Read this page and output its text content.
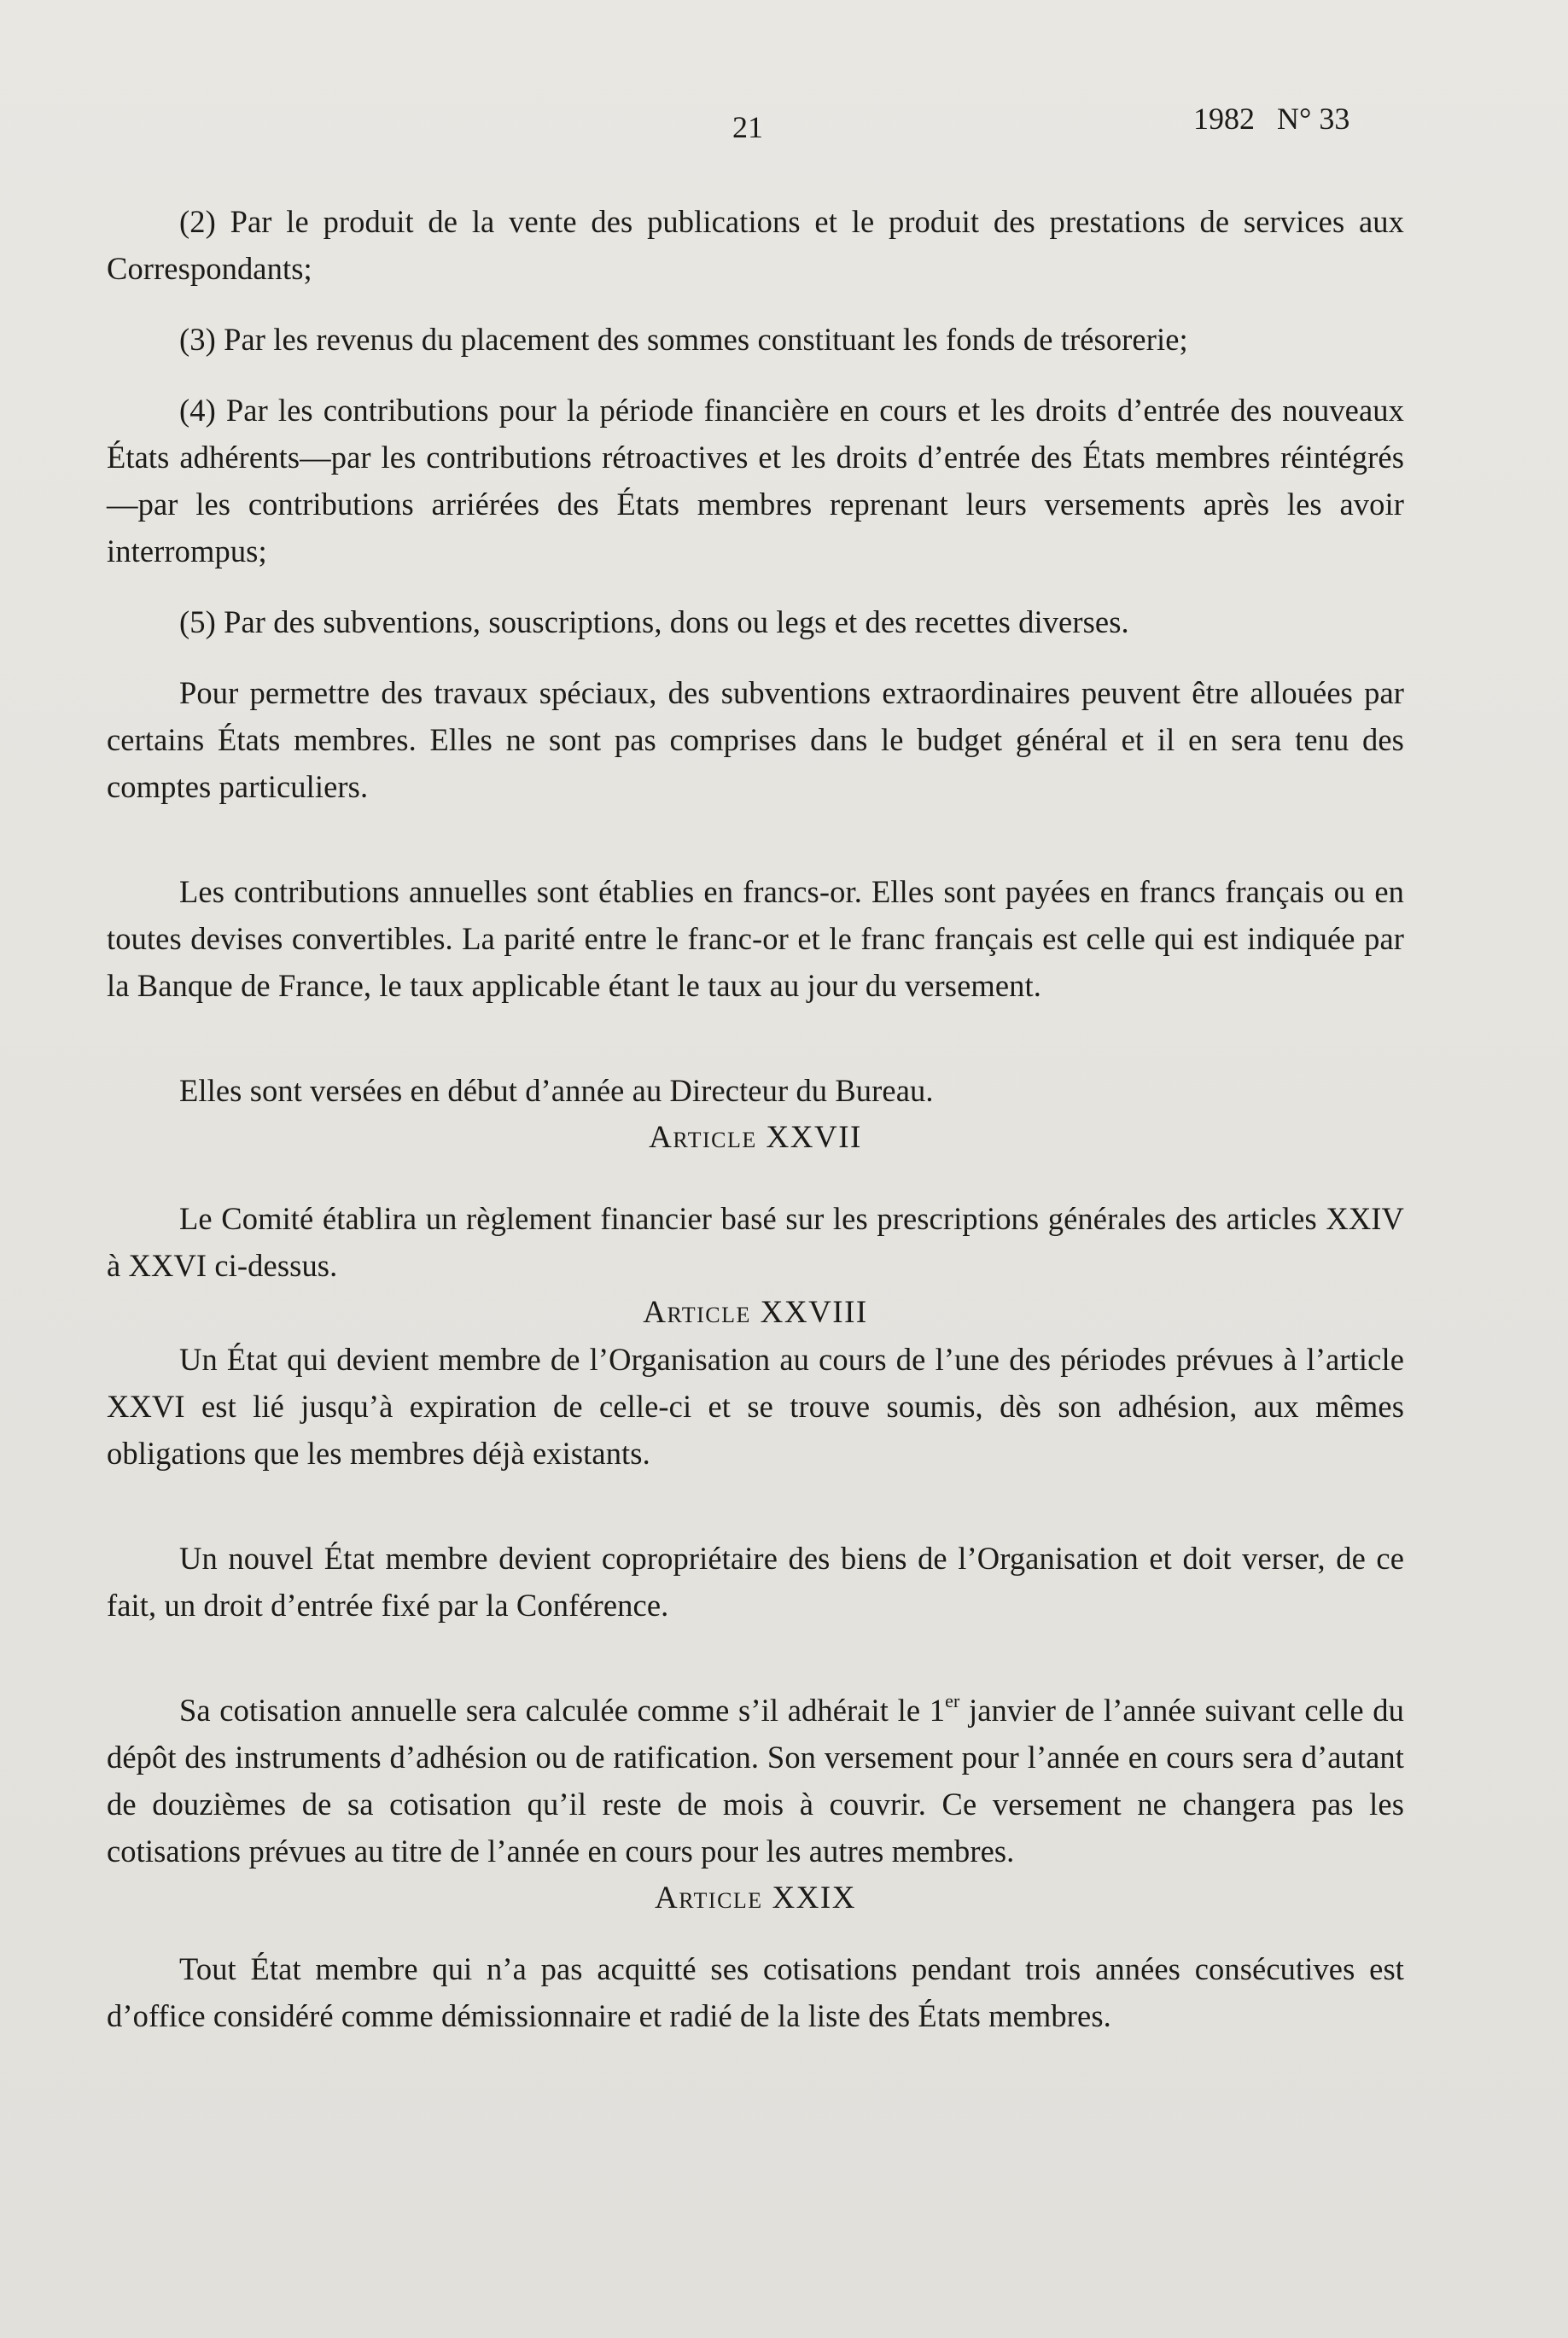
21	1982 N° 33

(2) Par le produit de la vente des publications et le produit des prestations de services aux Correspondants;

(3) Par les revenus du placement des sommes constituant les fonds de trésorerie;

(4) Par les contributions pour la période financière en cours et les droits d’entrée des nouveaux États adhérents—par les contributions rétroactives et les droits d’entrée des États membres réintégrés—par les contributions arriérées des États membres reprenant leurs versements après les avoir interrompus;

(5) Par des subventions, souscriptions, dons ou legs et des recettes diverses.

Pour permettre des travaux spéciaux, des subventions extraordinaires peuvent être allouées par certains États membres. Elles ne sont pas comprises dans le budget général et il en sera tenu des comptes particuliers.

Les contributions annuelles sont établies en francs-or. Elles sont payées en francs français ou en toutes devises convertibles. La parité entre le franc-or et le franc français est celle qui est indiquée par la Banque de France, le taux applicable étant le taux au jour du versement.

Elles sont versées en début d’année au Directeur du Bureau.

Article XXVII

Le Comité établira un règlement financier basé sur les prescriptions générales des articles XXIV à XXVI ci-dessus.

Article XXVIII

Un État qui devient membre de l’Organisation au cours de l’une des périodes prévues à l’article XXVI est lié jusqu’à expiration de celle-ci et se trouve soumis, dès son adhésion, aux mêmes obligations que les membres déjà existants.

Un nouvel État membre devient copropriétaire des biens de l’Organisation et doit verser, de ce fait, un droit d’entrée fixé par la Conférence.

Sa cotisation annuelle sera calculée comme s’il adhérait le 1er janvier de l’année suivant celle du dépôt des instruments d’adhésion ou de ratification. Son versement pour l’année en cours sera d’autant de douzièmes de sa cotisation qu’il reste de mois à couvrir. Ce versement ne changera pas les cotisations prévues au titre de l’année en cours pour les autres membres.

Article XXIX

Tout État membre qui n’a pas acquitté ses cotisations pendant trois années consécutives est d’office considéré comme démissionnaire et radié de la liste des États membres.
